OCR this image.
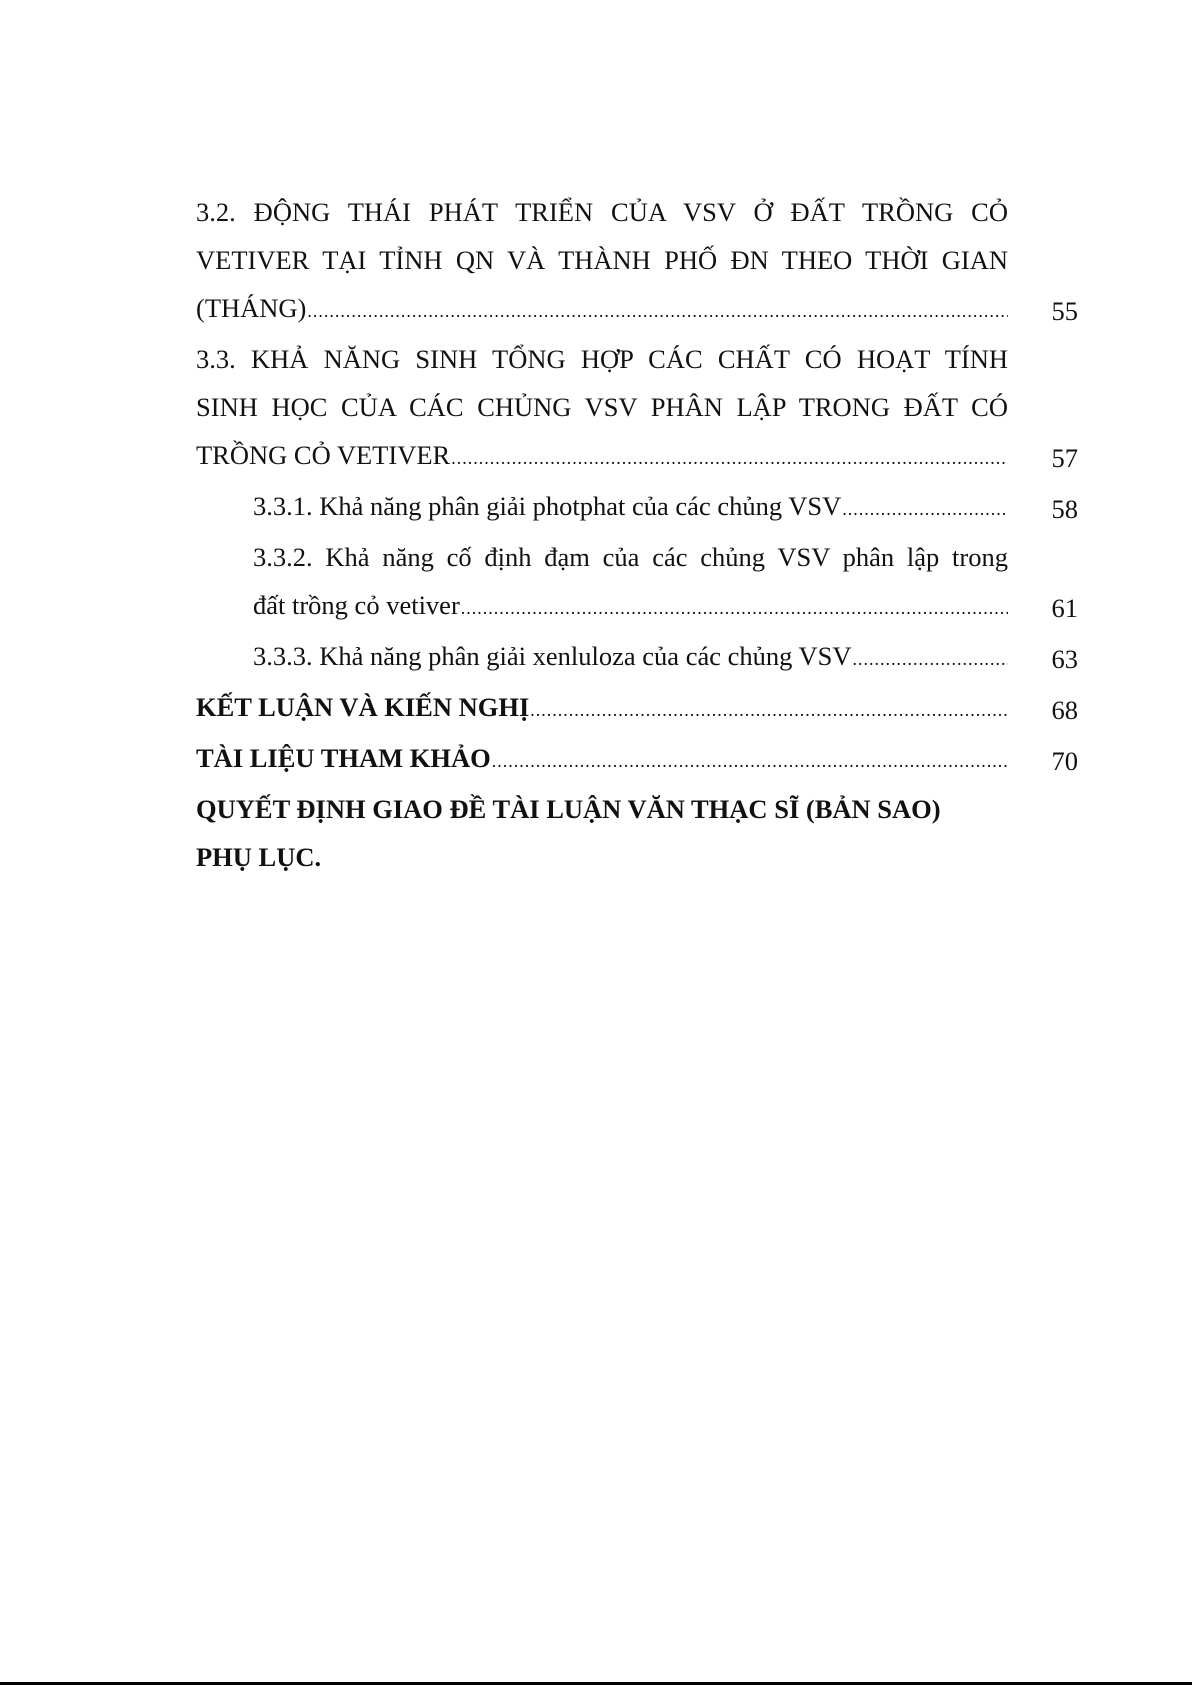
3.2. ĐỘNG THÁI PHÁT TRIỂN CỦA VSV Ở ĐẤT TRỒNG CỎ
VETIVER TẠI TỈNH QN VÀ THÀNH PHỐ ĐN THEO THỜI GIAN
(THÁNG) .....	55
3.3. KHẢ NĂNG SINH TỔNG HỢP CÁC CHẤT CÓ HOẠT TÍNH
SINH HỌC CỦA CÁC CHỦNG VSV PHÂN LẬP TRONG ĐẤT CÓ
TRỒNG CỎ VETIVER .....	57
3.3.1. Khả năng phân giải photphat của các chủng VSV .....	58
3.3.2. Khả năng cố định đạm của các chủng VSV phân lập trong
đất trồng cỏ vetiver .....	61
3.3.3. Khả năng phân giải xenluloza của các chủng VSV .....	63
KẾT LUẬN VÀ KIẾN NGHỊ .....	68
TÀI LIỆU THAM KHẢO .....	70
QUYẾT ĐỊNH GIAO ĐỀ TÀI LUẬN VĂN THẠC SĨ (BẢN SAO)
PHỤ LỤC.
